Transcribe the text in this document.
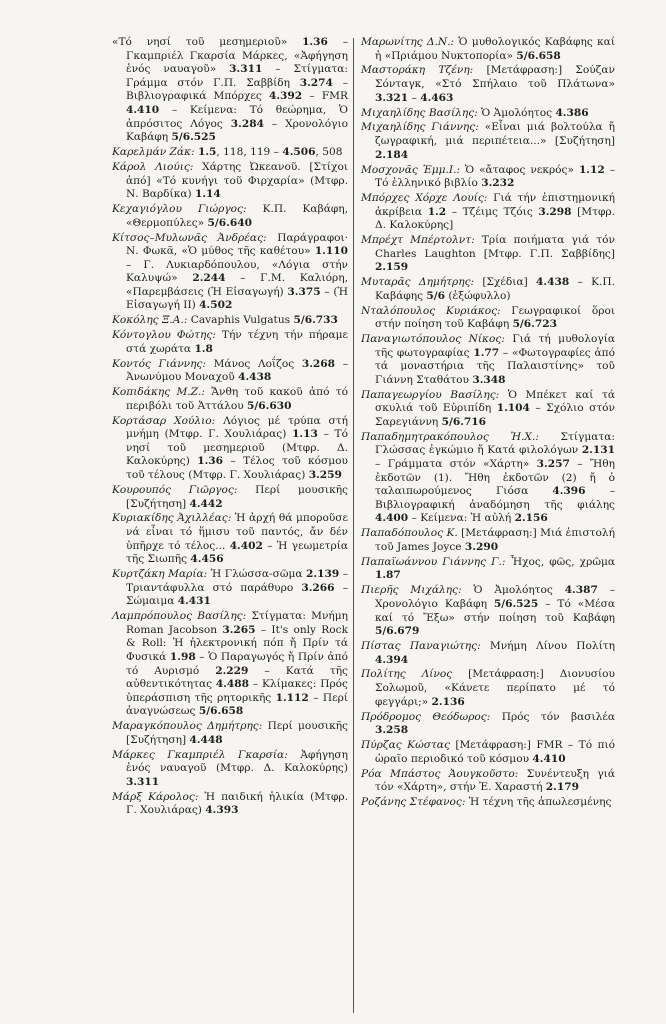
«Τό νησί τοῦ μεσημεριοῦ» 1.36 – Γκαμπριέλ Γκαρσία Μάρκες, «Ἀφήγηση ἑνός ναυαγοῦ» 3.311 – Στίγματα: Γράμμα στόν Γ.Π. Σαββίδη 3.274 – Βιβλιογραφικά Μπόρχες 4.392 – FMR 4.410 – Κείμενα: Τό θεώρημα, Ὁ ἀπρόσιτος Λόγος 3.284 – Χρονολόγιο Καβάφη 5/6.525

Καρελμάν Ζάκ: 1.5, 118, 119 – 4.506, 508

Κάρολ Λιούις: Χάρτης Ὠκεανοῦ. [Στίχοι ἀπό] «Τό κυνήγι τοῦ Φιρχαρία» (Μτφρ. Ν. Βαρδίκα) 1.14

Κεχαγιόγλου Γιώργος: Κ.Π. Καβάφη, «Θερμοπύλες» 5/6.640

Κίτσος–Μυλωνᾶς Ἀνδρέας: Παράγραφοι· Ν. Φωκᾶ, «Ὁ μύθος τῆς καθέτου» 1.110 – Γ. Λυκιαρδόπουλου, «Λόγια στήν Καλυψώ» 2.244 – Γ.Μ. Καλιόρη, «Παρεμβάσεις (Ἡ Εἰσαγωγή) 3.375 – (Ἡ Εἰσαγωγή ΙΙ) 4.502

Κοκόλης Ξ.Α.: Cavaphis Vulgatus 5/6.733

Κόντογλου Φώτης: Τήν τέχνη τήν πήραμε στά χωράτα 1.8

Κοντός Γιάννης: Μάνος Λοΐζος 3.268 – Ἀνωνύμου Μοναχοῦ 4.438

Κοπιδάκης Μ.Ζ.: Ἄνθη τοῦ κακοῦ ἀπό τό περιβόλι τοῦ Ἀττάλου 5/6.630

Κορτάσαρ Χούλιο: Λόγιος μέ τρύπα στή μνήμη (Μτφρ. Γ. Χουλιάρας) 1.13 – Τό νησί τοῦ μεσημεριοῦ (Μτφρ. Δ. Καλοκύρης) 1.36 – Τέλος τοῦ κόσμου τοῦ τέλους (Μτφρ. Γ. Χουλιάρας) 3.259

Κουρουπός Γιῶργος: Περί μουσικῆς [Συζήτηση] 4.442

Κυριακίδης Ἀχιλλέας: Ἡ ἀρχή θά μποροῦσε νά εἶναι τό ἥμισυ τοῦ παντός, ἄν δέν ὑπῆρχε τό τέλος... 4.402 – Ἡ γεωμετρία τῆς Σιωπῆς 4.456

Κυρτζάκη Μαρία: Ἡ Γλώσσα-σῶμα 2.139 – Τριαντάφυλλα στό παράθυρο 3.266 – Σώμαιμα 4.431

Λαμπρόπουλος Βασίλης: Στίγματα: Μνήμη Roman Jacobson 3.265 – It's only Rock & Roll: Ἡ ἠλεκτρονική πόπ ἤ Πρίν τά Φυσικά 1.98 – Ὁ Παραγωγός ἤ Πρίν ἀπό τό Αυρισμό 2.229 – Κατά τῆς αὐθεντικότητας 4.488 – Κλίμακες: Πρός ὑπεράσπιση τῆς ρητορικῆς 1.112 – Περί ἀναγνώσεως 5/6.658

Μαραγκόπουλος Δημήτρης: Περί μουσικῆς [Συζήτηση] 4.448

Μάρκες Γκαμπριέλ Γκαρσία: Ἀφήγηση ἑνός ναυαγοῦ (Μτφρ. Δ. Καλοκύρης) 3.311

Μάρξ Κάρολος: Ἡ παιδική ἡλικία (Μτφρ. Γ. Χουλιάρας) 4.393

Μαρωνίτης Δ.Ν.: Ὁ μυθολογικός Καβάφης καί ἡ «Πριάμου Νυκτοπορία» 5/6.658

Μαστοράκη Τζένη: [Μετάφραση:] Σούζαν Σόνταγκ, «Στό Σπήλαιο τοῦ Πλάτωνα» 3.321 – 4.463

Μιχαηλίδης Βασίλης: Ὁ Ἀμολόητος 4.386

Μιχαηλίδης Γιάννης: «Εἶναι μιά βολτούλα ἤ ζωγραφική, μιά περιπέτεια...» [Συζήτηση] 2.184

Μοσχονᾶς Ἐμμ.Ι.: Ὁ «ἄταφος νεκρός» 1.12 – Τό ἑλληνικό βιβλίο 3.232

Μπόρχες Χόρχε Λουίς: Γιά τήν ἐπιστημονική ἀκρίβεια 1.2 – Τζέιμς Τζόις 3.298 [Μτφρ. Δ. Καλοκύρης]

Μπρέχτ Μπέρτολντ: Τρία ποιήματα γιά τόν Charles Laughton [Μτφρ. Γ.Π. Σαββίδης] 2.159

Μυταρᾶς Δημήτρης: [Σχέδια] 4.438 – Κ.Π. Καβάφης 5/6 (ἐξώφυλλο)

Νταλόπουλος Κυριάκος: Γεωγραφικοί ὅροι στήν ποίηση τοῦ Καβάφη 5/6.723

Παναγιωτόπουλος Νίκος: Γιά τή μυθολογία τῆς φωτογραφίας 1.77 – «Φωτογραφίες ἀπό τά μοναστήρια τῆς Παλαιστίνης» τοῦ Γιάννη Σταθάτου 3.348

Παπαγεωργίου Βασίλης: Ὁ Μπέκετ καί τά σκυλιά τοῦ Εὐριπίδη 1.104 – Σχόλιο στόν Σαρεγιάννη 5/6.716

Παπαδημητρακόπουλος Ἠ.Χ.: Στίγματα: Γλώσσας ἐγκώμιο ἤ Κατά φιλολόγων 2.131 – Γράμματα στόν «Χάρτη» 3.257 – Ἤθη ἐκδοτῶν (1). Ἤθη ἐκδοτῶν (2) ἤ ὁ ταλαιπωρούμενος Γιόσα 4.396 – Βιβλιογραφική ἀναδόμηση τῆς φιάλης 4.400 – Κείμενα: Ἡ αὐλή 2.156

Παπαδόπουλος Κ. [Μετάφραση:] Μιά ἐπιστολή τοῦ James Joyce 3.290

Παπαϊωάννου Γιάννης Γ.: Ἦχος, φῶς, χρῶμα 1.87

Πιερῆς Μιχάλης: Ὁ Ἀμολόητος 4.387 – Χρονολόγιο Καβάφη 5/6.525 – Τό «Μέσα καί τό Ἔξω» στήν ποίηση τοῦ Καβάφη 5/6.679

Πίστας Παναγιώτης: Μνήμη Λίνου Πολίτη 4.394

Πολίτης Λίνος [Μετάφραση:] Διονυσίου Σολωμοῦ, «Κάνετε περίπατο μέ τό φεγγάρι;» 2.136

Πρόδρομος Θεόδωρος: Πρός τόν βασιλέα 3.258

Πύρζας Κώστας [Μετάφραση:] FMR – Τό πιό ὡραῖο περιοδικό τοῦ κόσμου 4.410

Ρόα Μπάστος Ἀουγκοῦστο: Συνέντευξη γιά τόν «Χάρτη», στήν Ἐ. Χαραστή 2.179

Ροζάνης Στέφανος: Ἡ τέχνη τῆς ἀπωλεσμένης
